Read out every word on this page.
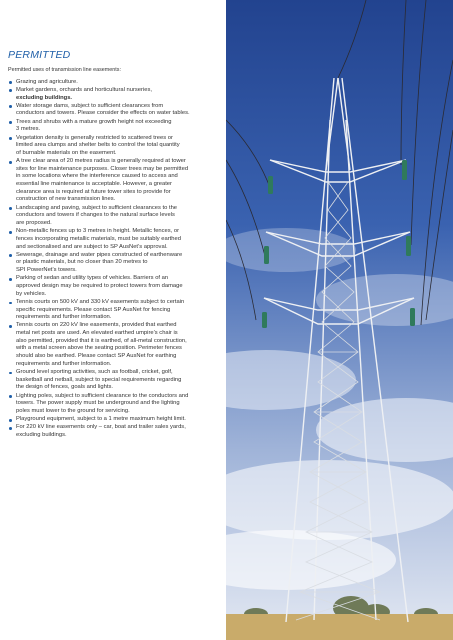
PERMITTED

Permitted uses of transmission line easements:

Grazing and agriculture.
Market gardens, orchards and horticultural nurseries,
excluding buildings.
Water storage dams, subject to sufficient clearances from
conductors and towers. Please consider the effects on water tables.
Trees and shrubs with a mature growth height not exceeding
3 metres.
Vegetation density is generally restricted to scattered trees or
limited area clumps and shelter belts to control the total quantity
of burnable materials on the easement.
A tree clear area of 20 metres radius is generally required at tower
sites for line maintenance purposes. Closer trees may be permitted
in some locations where the interference caused to access and
essential line maintenance is acceptable. However, a greater
clearance area is required at future tower sites to provide for
construction of new transmission lines.
Landscaping and paving, subject to sufficient clearances to the
conductors and towers if changes to the natural surface levels
are proposed.
Non-metallic fences up to 3 metres in height. Metallic fences, or
fences incorporating metallic materials, must be suitably earthed
and sectionalised and are subject to SP AusNet’s approval.
Sewerage, drainage and water pipes constructed of earthenware
or plastic materials, but no closer than 20 metres to
SPI PowerNet’s towers.
Parking of sedan and utility types of vehicles. Barriers of an
approved design may be required to protect towers from damage
by vehicles.
Tennis courts on 500 kV and 330 kV easements subject to certain
specific requirements. Please contact SP AusNet for fencing
requirements and further information.
Tennis courts on 220 kV line easements, provided that earthed
metal net posts are used. An elevated earthed umpire’s chair is
also permitted, provided that it is earthed, of all-metal construction,
with a metal screen above the seating position. Perimeter fences
should also be earthed. Please contact SP AusNet for earthing
requirements and further information.
Ground level sporting activities, such as football, cricket, golf,
basketball and netball, subject to special requirements regarding
the design of fences, goals and lights.
Lighting poles, subject to sufficient clearance to the conductors and
towers. The power supply must be underground and the lighting
poles must lower to the ground for servicing.
Playground equipment, subject to a 1 metre maximum height limit.
For 220 kV line easements only – car, boat and trailer sales yards,
excluding buildings.
